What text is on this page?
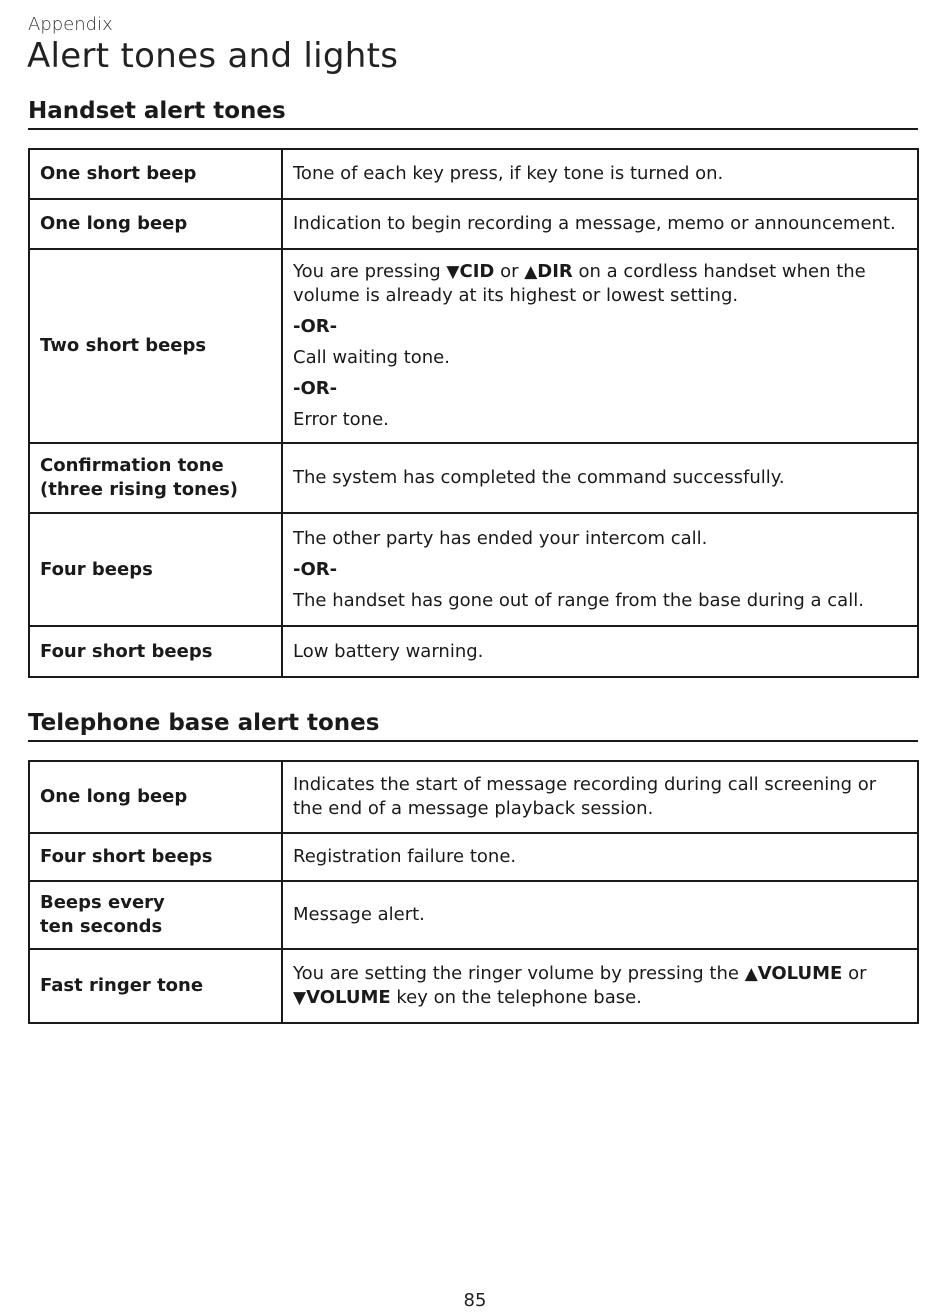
Appendix
Alert tones and lights
Handset alert tones
One short beep	Tone of each key press, if key tone is turned on.
One long beep	Indication to begin recording a message, memo or announcement.
Two short beeps	You are pressing ▼CID or ▲DIR on a cordless handset when the volume is already at its highest or lowest setting.

-OR-

Call waiting tone.

-OR-

Error tone.

Confirmation tone
(three rising tones)	The system has completed the command successfully.
Four beeps	The other party has ended your intercom call.

-OR-

The handset has gone out of range from the base during a call.

Four short beeps	Low battery warning.
Telephone base alert tones
One long beep	Indicates the start of message recording during call screening or the end of a message playback session.
Four short beeps	Registration failure tone.

Beeps every
ten seconds	Message alert.
Fast ringer tone	You are setting the ringer volume by pressing the ▲VOLUME or
▼VOLUME key on the telephone base.

85
